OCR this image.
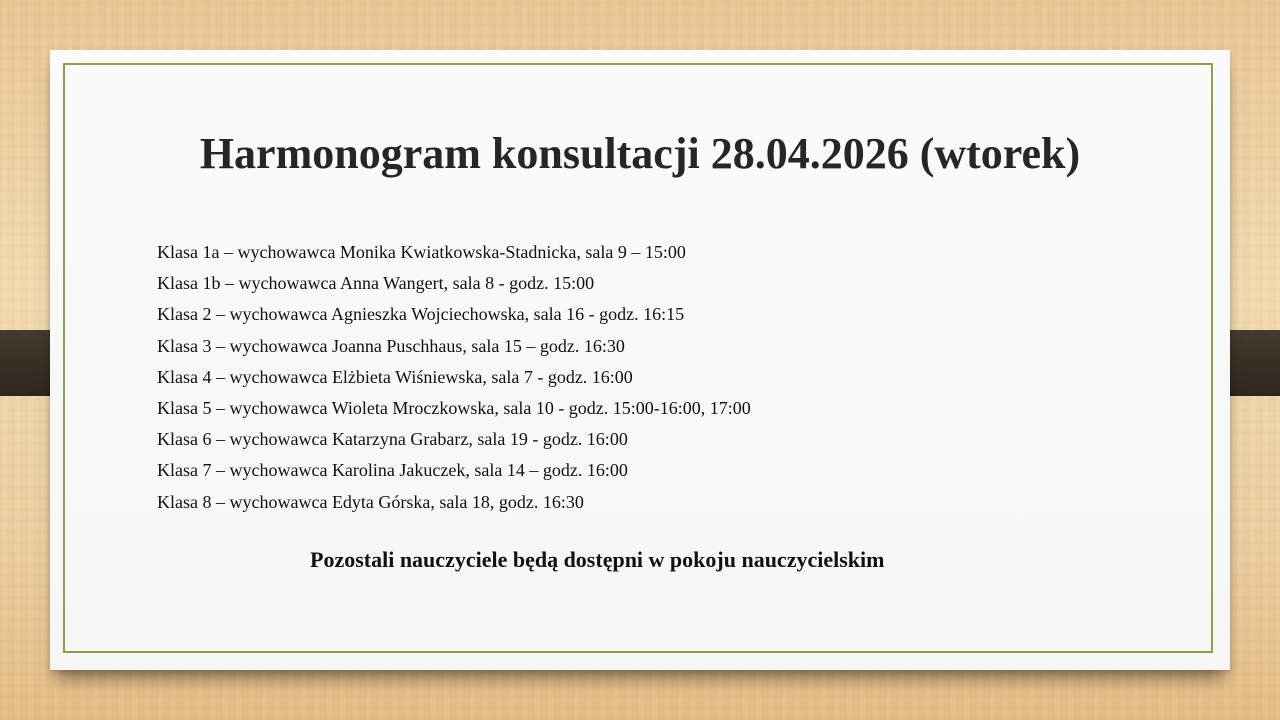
Harmonogram konsultacji 28.04.2026 (wtorek)
Klasa 1a – wychowawca Monika Kwiatkowska-Stadnicka, sala 9 – 15:00
Klasa 1b – wychowawca Anna Wangert, sala 8 - godz. 15:00
Klasa 2 – wychowawca Agnieszka Wojciechowska, sala 16 - godz. 16:15
Klasa 3 – wychowawca Joanna Puschhaus, sala 15 – godz. 16:30
Klasa 4 – wychowawca Elżbieta Wiśniewska, sala 7 - godz. 16:00
Klasa 5 – wychowawca Wioleta Mroczkowska, sala 10 - godz. 15:00-16:00, 17:00
Klasa 6 – wychowawca Katarzyna Grabarz, sala 19 - godz. 16:00
Klasa 7 – wychowawca Karolina Jakuczek, sala 14 – godz. 16:00
Klasa 8 – wychowawca Edyta Górska, sala 18, godz. 16:30
Pozostali nauczyciele będą dostępni w pokoju nauczycielskim
